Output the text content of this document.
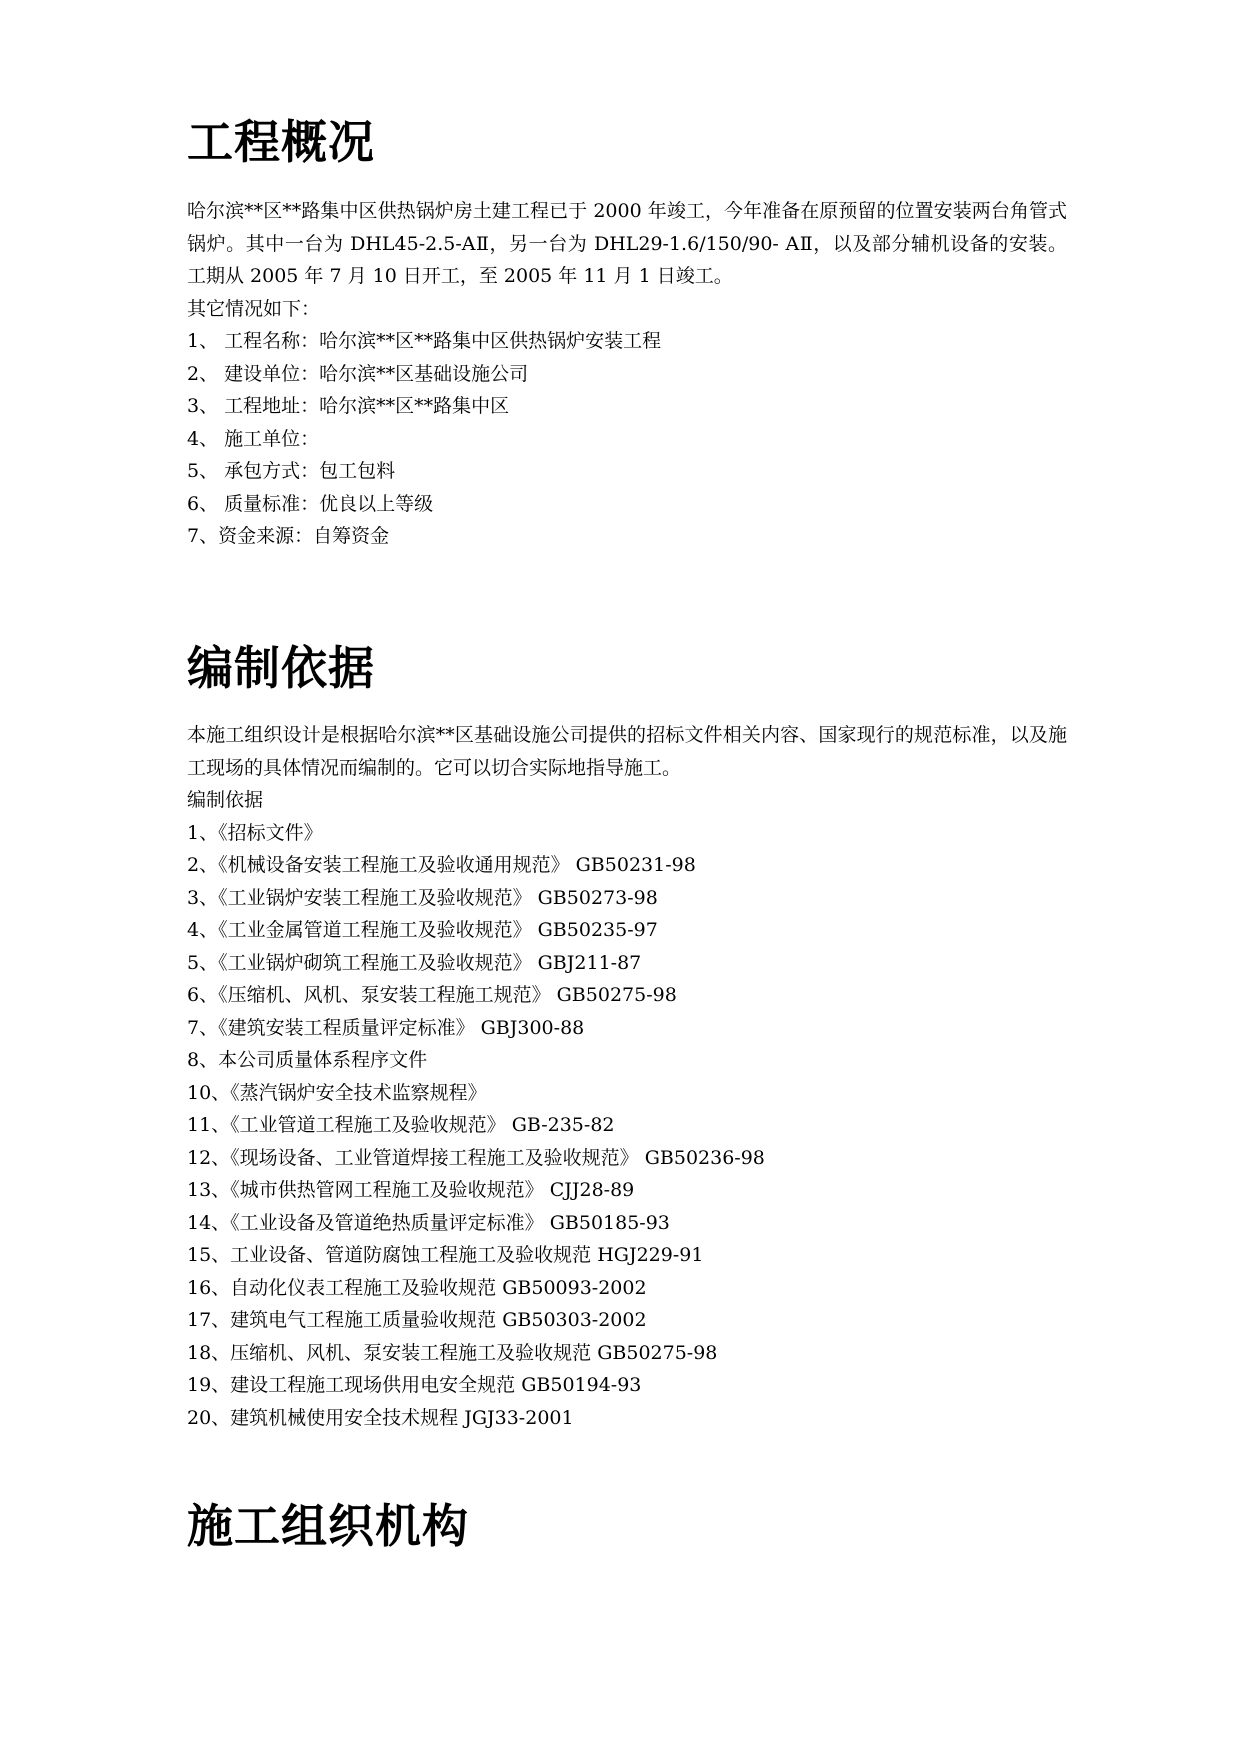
工程概况

哈尔滨**区**路集中区供热锅炉房土建工程已于 2000 年竣工，今年准备在原预留的位置安装两台角管式锅炉。其中一台为 DHL45-2.5-AⅡ，另一台为 DHL29-1.6/150/90- AⅡ，以及部分辅机设备的安装。工期从 2005 年 7 月 10 日开工，至 2005 年 11 月 1 日竣工。

其它情况如下：

1、 工程名称：哈尔滨**区**路集中区供热锅炉安装工程
2、 建设单位：哈尔滨**区基础设施公司
3、 工程地址：哈尔滨**区**路集中区
4、 施工单位：
5、 承包方式：包工包料
6、 质量标准：优良以上等级
7、资金来源：自筹资金
编制依据

本施工组织设计是根据哈尔滨**区基础设施公司提供的招标文件相关内容、国家现行的规范标准，以及施工现场的具体情况而编制的。它可以切合实际地指导施工。

编制依据

1、《招标文件》
2、《机械设备安装工程施工及验收通用规范》 GB50231-98
3、《工业锅炉安装工程施工及验收规范》 GB50273-98
4、《工业金属管道工程施工及验收规范》 GB50235-97
5、《工业锅炉砌筑工程施工及验收规范》 GBJ211-87
6、《压缩机、风机、泵安装工程施工规范》 GB50275-98
7、《建筑安装工程质量评定标准》 GBJ300-88
8、本公司质量体系程序文件
10、《蒸汽锅炉安全技术监察规程》
11、《工业管道工程施工及验收规范》 GB-235-82
12、《现场设备、工业管道焊接工程施工及验收规范》 GB50236-98
13、《城市供热管网工程施工及验收规范》 CJJ28-89
14、《工业设备及管道绝热质量评定标准》 GB50185-93
15、工业设备、管道防腐蚀工程施工及验收规范 HGJ229-91
16、自动化仪表工程施工及验收规范 GB50093-2002
17、建筑电气工程施工质量验收规范 GB50303-2002
18、压缩机、风机、泵安装工程施工及验收规范 GB50275-98
19、建设工程施工现场供用电安全规范 GB50194-93
20、建筑机械使用安全技术规程 JGJ33-2001
施工组织机构
